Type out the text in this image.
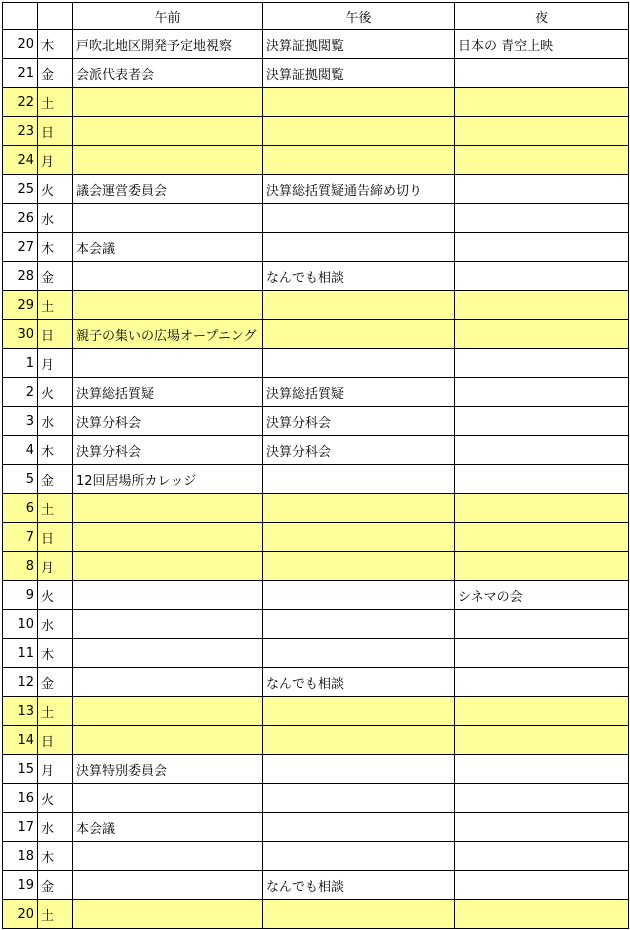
		午前	午後	夜
20	木	戸吹北地区開発予定地視察	決算証拠閲覧	日本の 青空上映
21	金	会派代表者会	決算証拠閲覧	
22	土			
23	日			
24	月			
25	火	議会運営委員会	決算総括質疑通告締め切り	
26	水			
27	木	本会議		
28	金		なんでも相談	
29	土			
30	日	親子の集いの広場オープニング		
1	月			
2	火	決算総括質疑	決算総括質疑	
3	水	決算分科会	決算分科会	
4	木	決算分科会	決算分科会	
5	金	12回居場所カレッジ		
6	土			
7	日			
8	月			
9	火			シネマの会
10	水			
11	木			
12	金		なんでも相談	
13	土			
14	日			
15	月	決算特別委員会		
16	火			
17	水	本会議		
18	木			
19	金		なんでも相談	
20	土			
